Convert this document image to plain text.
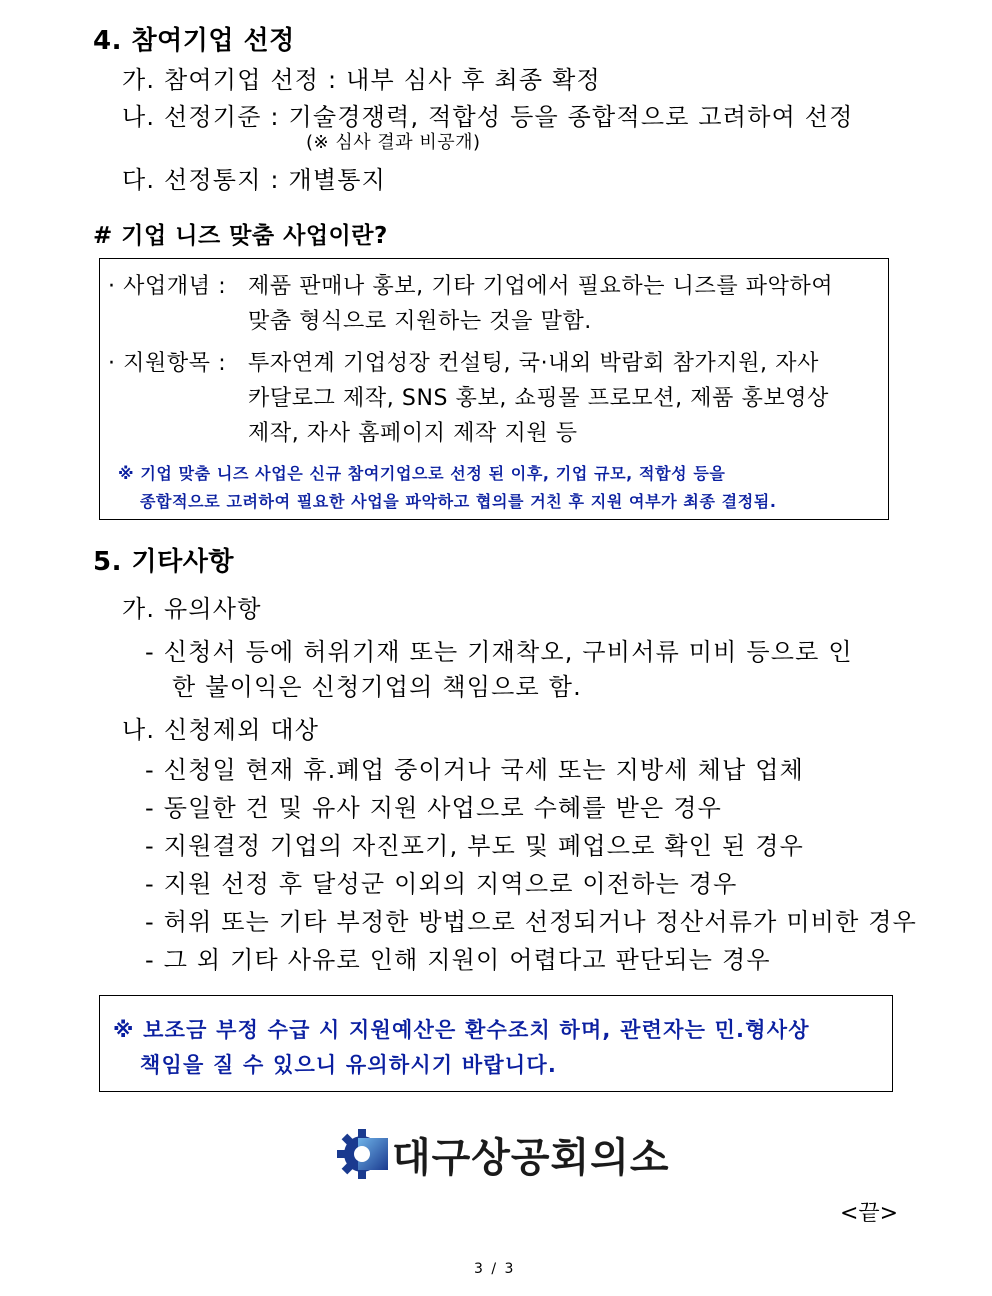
4. 참여기업 선정
가. 참여기업 선정 : 내부 심사 후 최종 확정
나. 선정기준 : 기술경쟁력, 적합성 등을 종합적으로 고려하여 선정
(※ 심사 결과 비공개)
다. 선정통지 : 개별통지
# 기업 니즈 맞춤 사업이란?
· 사업개념 : 제품 판매나 홍보, 기타 기업에서 필요하는 니즈를 파악하여
맞춤 형식으로 지원하는 것을 말함.
· 지원항목 : 투자연계 기업성장 컨설팅, 국·내외 박람회 참가지원, 자사
카달로그 제작, SNS 홍보, 쇼핑몰 프로모션, 제품 홍보영상
제작, 자사 홈페이지 제작 지원 등
※ 기업 맞춤 니즈 사업은 신규 참여기업으로 선정 된 이후, 기업 규모, 적합성 등을
종합적으로 고려하여 필요한 사업을 파악하고 협의를 거친 후 지원 여부가 최종 결정됨.
5. 기타사항
가. 유의사항
- 신청서 등에 허위기재 또는 기재착오, 구비서류 미비 등으로 인
한 불이익은 신청기업의 책임으로 함.
나. 신청제외 대상
- 신청일 현재 휴.폐업 중이거나 국세 또는 지방세 체납 업체
- 동일한 건 및 유사 지원 사업으로 수혜를 받은 경우
- 지원결정 기업의 자진포기, 부도 및 폐업으로 확인 된 경우
- 지원 선정 후 달성군 이외의 지역으로 이전하는 경우
- 허위 또는 기타 부정한 방법으로 선정되거나 정산서류가 미비한 경우
- 그 외 기타 사유로 인해 지원이 어렵다고 판단되는 경우
※ 보조금 부정 수급 시 지원예산은 환수조치 하며, 관련자는 민.형사상
책임을 질 수 있으니 유의하시기 바랍니다.
대구상공회의소
<끝>
3 / 3
